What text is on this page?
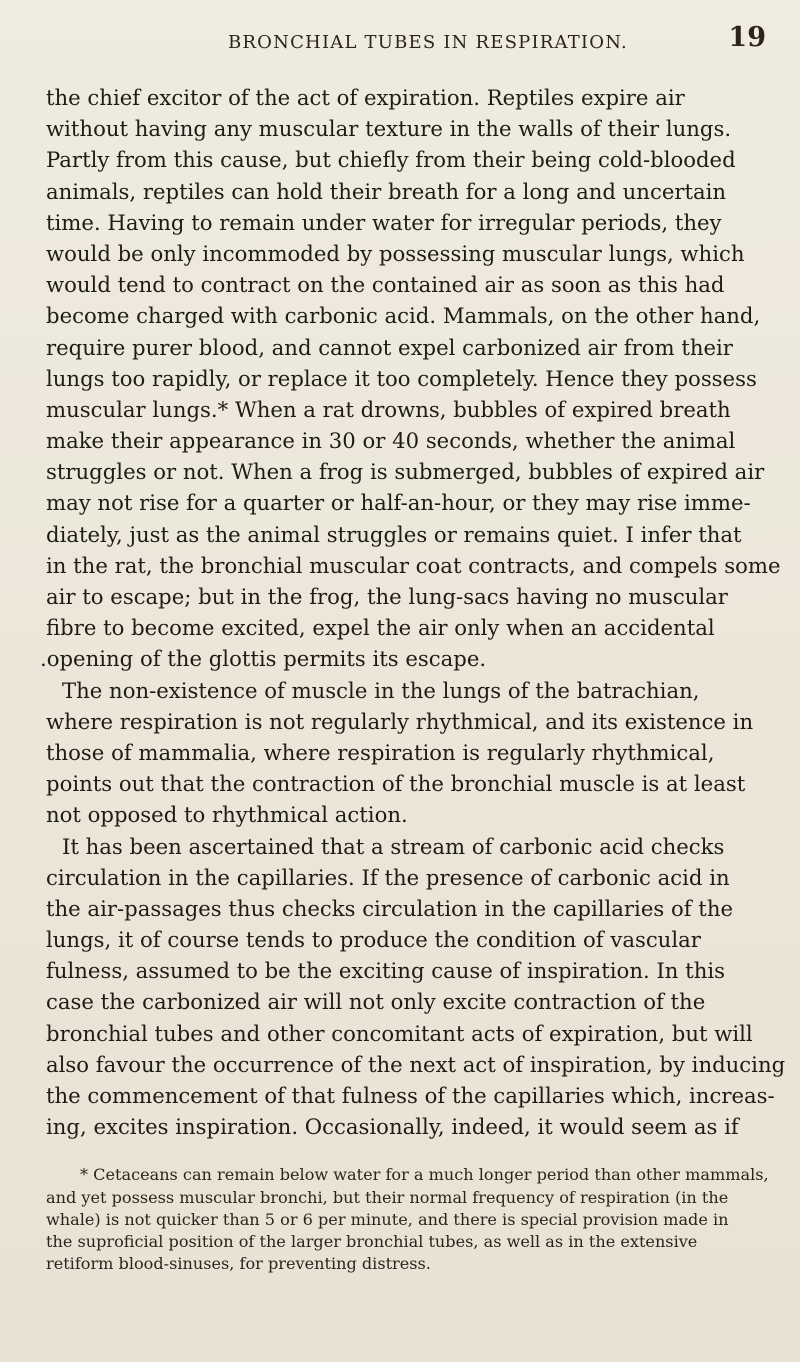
BRONCHIAL TUBES IN RESPIRATION.	19
the chief excitor of the act of expiration. Reptiles expire air
without having any muscular texture in the walls of their lungs.
Partly from this cause, but chiefly from their being cold-blooded
animals, reptiles can hold their breath for a long and uncertain
time. Having to remain under water for irregular periods, they
would be only incommoded by possessing muscular lungs, which
would tend to contract on the contained air as soon as this had
become charged with carbonic acid. Mammals, on the other hand,
require purer blood, and cannot expel carbonized air from their
lungs too rapidly, or replace it too completely. Hence they possess
muscular lungs.* When a rat drowns, bubbles of expired breath
make their appearance in 30 or 40 seconds, whether the animal
struggles or not. When a frog is submerged, bubbles of expired air
may not rise for a quarter or half-an-hour, or they may rise imme-
diately, just as the animal struggles or remains quiet. I infer that
in the rat, the bronchial muscular coat contracts, and compels some
air to escape; but in the frog, the lung-sacs having no muscular
fibre to become excited, expel the air only when an accidental
.opening of the glottis permits its escape.
The non-existence of muscle in the lungs of the batrachian,
where respiration is not regularly rhythmical, and its existence in
those of mammalia, where respiration is regularly rhythmical,
points out that the contraction of the bronchial muscle is at least
not opposed to rhythmical action.
It has been ascertained that a stream of carbonic acid checks
circulation in the capillaries. If the presence of carbonic acid in
the air-passages thus checks circulation in the capillaries of the
lungs, it of course tends to produce the condition of vascular
fulness, assumed to be the exciting cause of inspiration. In this
case the carbonized air will not only excite contraction of the
bronchial tubes and other concomitant acts of expiration, but will
also favour the occurrence of the next act of inspiration, by inducing
the commencement of that fulness of the capillaries which, increas-
ing, excites inspiration. Occasionally, indeed, it would seem as if
* Cetaceans can remain below water for a much longer period than other mammals,
and yet possess muscular bronchi, but their normal frequency of respiration (in the
whale) is not quicker than 5 or 6 per minute, and there is special provision made in
the suproficial position of the larger bronchial tubes, as well as in the extensive
retiform blood-sinuses, for preventing distress.
